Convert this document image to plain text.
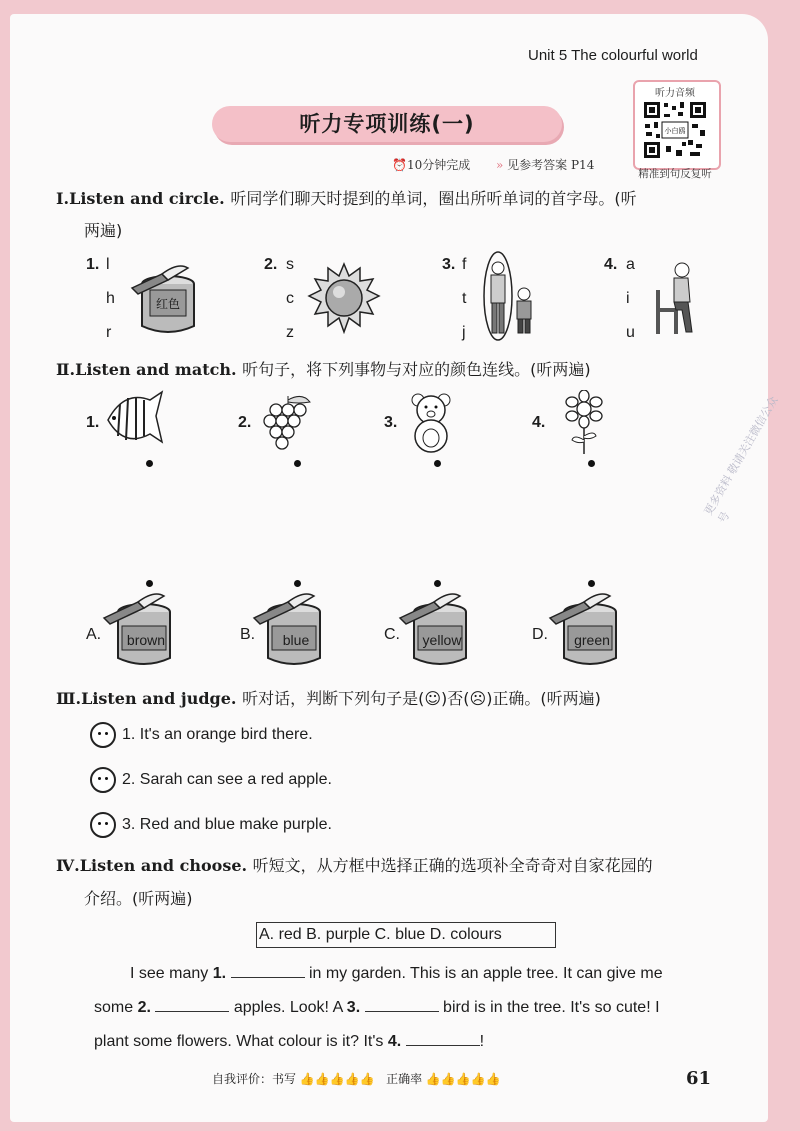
Unit 5 The colourful world
听力专项训练(一)
听力音频
小白鸥
精准到句反复听
⏰10分钟完成 » 见参考答案 P14
Ⅰ.Listen and circle. 听同学们聊天时提到的单词，圈出所听单词的首字母。(听
两遍)
1. l
h
r
红色
2. s
c
z
3. f
t
j
4. a
i
u
Ⅱ.Listen and match. 听句子，将下列事物与对应的颜色连线。(听两遍)
1.	2.	3.	4.
A.	B.	C.	D.
brown	blue	yellow	green
Ⅲ.Listen and judge. 听对话，判断下列句子是(☺)否(☹)正确。(听两遍)
1. It's an orange bird there.
2. Sarah can see a red apple.
3. Red and blue make purple.
Ⅳ.Listen and choose. 听短文，从方框中选择正确的选项补全奇奇对自家花园的
介绍。(听两遍)
A. red B. purple C. blue D. colours
I see many 1.	in my garden. This is an apple tree. It can give me
some 2.	apples. Look! A 3.	bird is in the tree. It's so cute! I
plant some flowers. What colour is it? It's 4.	!
自我评价：书写 👍👍👍👍👍 正确率 👍👍👍👍👍	61
更多资料 敬请关注微信公众号
